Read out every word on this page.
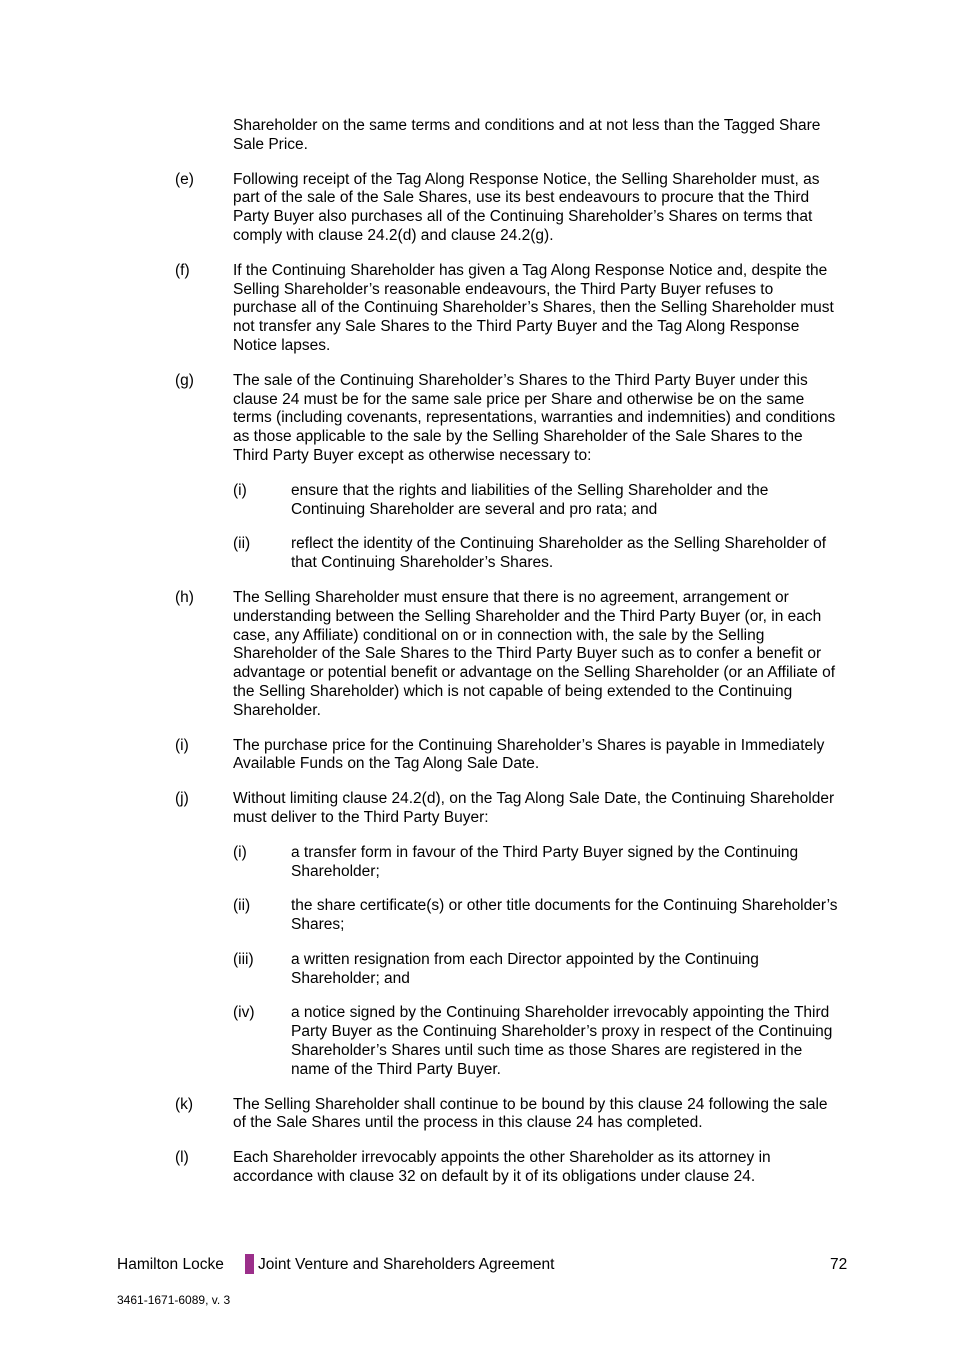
Shareholder on the same terms and conditions and at not less than the Tagged Share Sale Price.
(e)	Following receipt of the Tag Along Response Notice, the Selling Shareholder must, as part of the sale of the Sale Shares, use its best endeavours to procure that the Third Party Buyer also purchases all of the Continuing Shareholder’s Shares on terms that comply with clause 24.2(d) and clause 24.2(g).
(f)	If the Continuing Shareholder has given a Tag Along Response Notice and, despite the Selling Shareholder’s reasonable endeavours, the Third Party Buyer refuses to purchase all of the Continuing Shareholder’s Shares, then the Selling Shareholder must not transfer any Sale Shares to the Third Party Buyer and the Tag Along Response Notice lapses.
(g)	The sale of the Continuing Shareholder’s Shares to the Third Party Buyer under this clause 24 must be for the same sale price per Share and otherwise be on the same terms (including covenants, representations, warranties and indemnities) and conditions as those applicable to the sale by the Selling Shareholder of the Sale Shares to the Third Party Buyer except as otherwise necessary to:
(i)	ensure that the rights and liabilities of the Selling Shareholder and the Continuing Shareholder are several and pro rata; and
(ii)	reflect the identity of the Continuing Shareholder as the Selling Shareholder of that Continuing Shareholder’s Shares.
(h)	The Selling Shareholder must ensure that there is no agreement, arrangement or understanding between the Selling Shareholder and the Third Party Buyer (or, in each case, any Affiliate) conditional on or in connection with, the sale by the Selling Shareholder of the Sale Shares to the Third Party Buyer such as to confer a benefit or advantage or potential benefit or advantage on the Selling Shareholder (or an Affiliate of the Selling Shareholder) which is not capable of being extended to the Continuing Shareholder.
(i)	The purchase price for the Continuing Shareholder’s Shares is payable in Immediately Available Funds on the Tag Along Sale Date.
(j)	Without limiting clause 24.2(d), on the Tag Along Sale Date, the Continuing Shareholder must deliver to the Third Party Buyer:
(i)	a transfer form in favour of the Third Party Buyer signed by the Continuing Shareholder;
(ii)	the share certificate(s) or other title documents for the Continuing Shareholder’s Shares;
(iii) a written resignation from each Director appointed by the Continuing Shareholder; and
(iv) a notice signed by the Continuing Shareholder irrevocably appointing the Third Party Buyer as the Continuing Shareholder’s proxy in respect of the Continuing Shareholder’s Shares until such time as those Shares are registered in the name of the Third Party Buyer.
(k)	The Selling Shareholder shall continue to be bound by this clause 24 following the sale of the Sale Shares until the process in this clause 24 has completed.
(l)	Each Shareholder irrevocably appoints the other Shareholder as its attorney in accordance with clause 32 on default by it of its obligations under clause 24.
Hamilton Locke Joint Venture and Shareholders Agreement	72
3461-1671-6089, v. 3
